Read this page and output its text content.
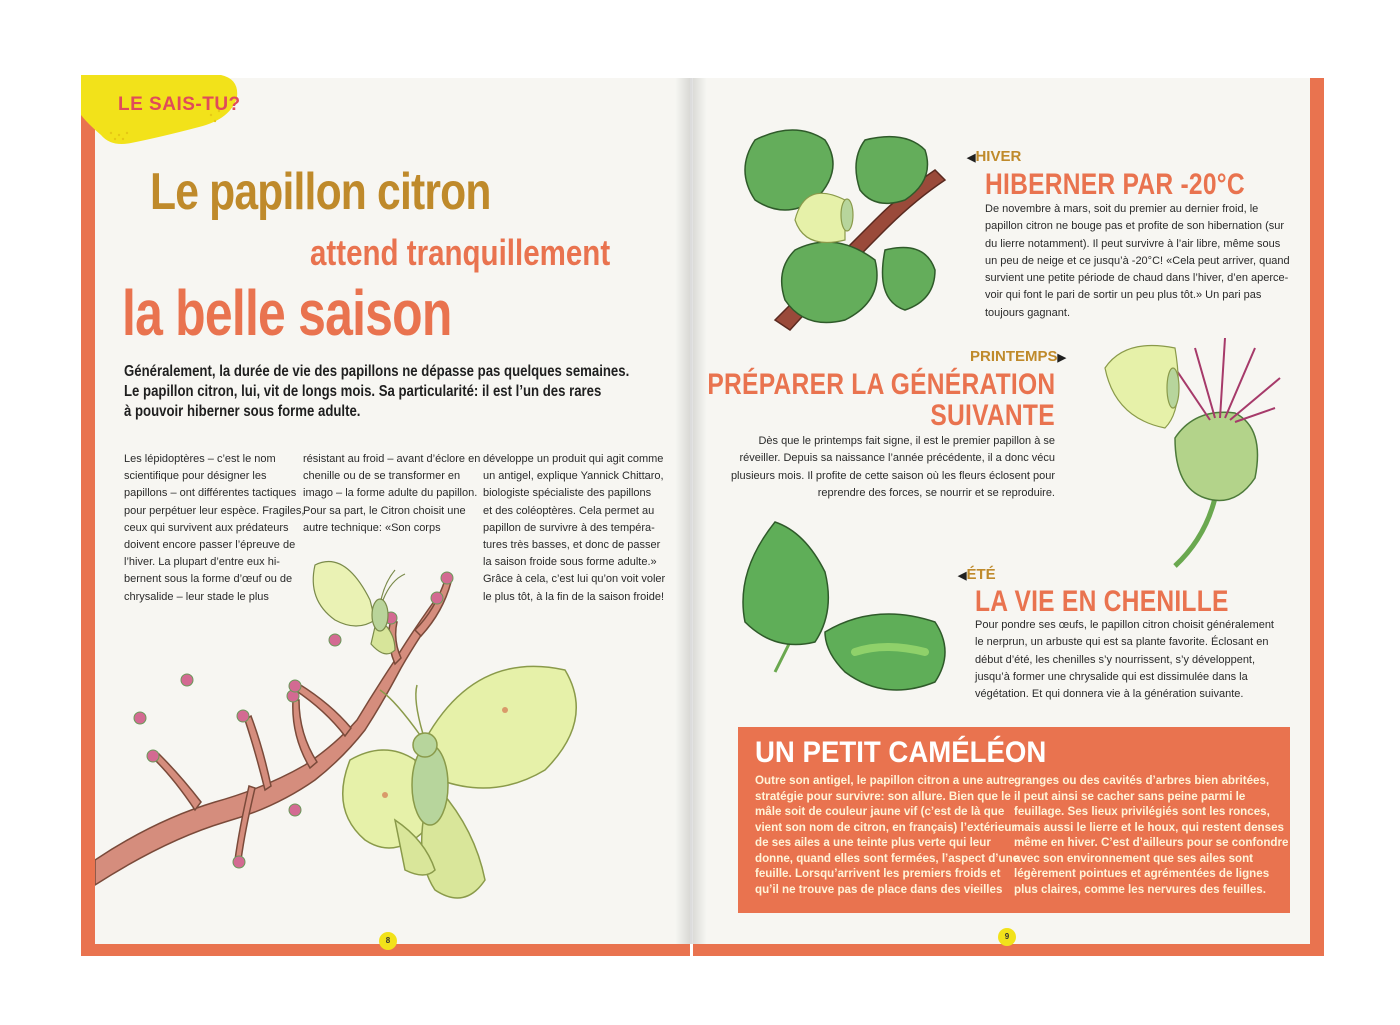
LE SAIS-TU?
Le papillon citron
attend tranquillement
la belle saison
Généralement, la durée de vie des papillons ne dépasse pas quelques semaines.
Le papillon citron, lui, vit de longs mois. Sa particularité: il est l’un des rares
à pouvoir hiberner sous forme adulte.
Les lépidoptères – c’est le nom
scientifique pour désigner les
papillons – ont différentes tactiques
pour perpétuer leur espèce. Fragiles,
ceux qui survivent aux prédateurs
doivent encore passer l’épreuve de
l’hiver. La plupart d’entre eux hi-
bernent sous la forme d’œuf ou de
chrysalide – leur stade le plus
résistant au froid – avant d’éclore en
chenille ou de se transformer en
imago – la forme adulte du papillon.
Pour sa part, le Citron choisit une
autre technique: «Son corps
développe un produit qui agit comme
un antigel, explique Yannick Chittaro,
biologiste spécialiste des papillons
et des coléoptères. Cela permet au
papillon de survivre à des tempéra-
tures très basses, et donc de passer
la saison froide sous forme adulte.»
Grâce à cela, c’est lui qu’on voit voler
le plus tôt, à la fin de la saison froide!
◀HIVER
HIBERNER PAR -20°C
De novembre à mars, soit du premier au dernier froid, le
papillon citron ne bouge pas et profite de son hibernation (sur
du lierre notamment). Il peut survivre à l’air libre, même sous
un peu de neige et ce jusqu’à -20°C! «Cela peut arriver, quand
survient une petite période de chaud dans l’hiver, d’en aperce-
voir qui font le pari de sortir un peu plus tôt.» Un pari pas
toujours gagnant.
PRINTEMPS▶
PRÉPARER LA GÉNÉRATION
SUIVANTE
Dès que le printemps fait signe, il est le premier papillon à se
réveiller. Depuis sa naissance l’année précédente, il a donc vécu
plusieurs mois. Il profite de cette saison où les fleurs éclosent pour
reprendre des forces, se nourrir et se reproduire.
◀ÉTÉ
LA VIE EN CHENILLE
Pour pondre ses œufs, le papillon citron choisit généralement
le nerprun, un arbuste qui est sa plante favorite. Éclosant en
début d’été, les chenilles s’y nourrissent, s’y développent,
jusqu’à former une chrysalide qui est dissimulée dans la
végétation. Et qui donnera vie à la génération suivante.
UN PETIT CAMÉLÉON
Outre son antigel, le papillon citron a une autre
stratégie pour survivre: son allure. Bien que le
mâle soit de couleur jaune vif (c’est de là que
vient son nom de citron, en français) l’extérieur
de ses ailes a une teinte plus verte qui leur
donne, quand elles sont fermées, l’aspect d’une
feuille. Lorsqu’arrivent les premiers froids et
qu’il ne trouve pas de place dans des vieilles
granges ou des cavités d’arbres bien abritées,
il peut ainsi se cacher sans peine parmi le
feuillage. Ses lieux privilégiés sont les ronces,
mais aussi le lierre et le houx, qui restent denses
même en hiver. C’est d’ailleurs pour se confondre
avec son environnement que ses ailes sont
légèrement pointues et agrémentées de lignes
plus claires, comme les nervures des feuilles.
8	9
